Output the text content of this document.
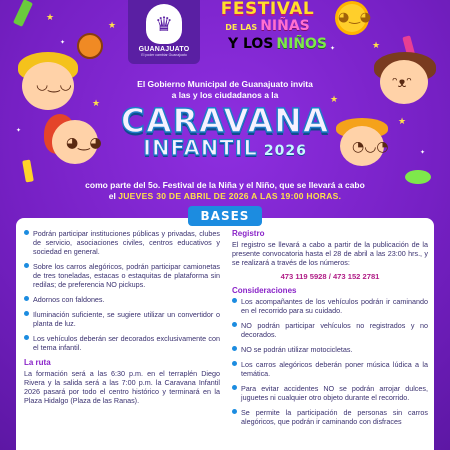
★
★
✦	★
✦
★
✦
★
✦
★
◕‿◕
◡‿◡	ᵔᴥᵔ
◕‿◕	◔◡◔
♛
GUANAJUATO
El poder cambiar Guanajuato
FESTIVAL
DE LAS NIÑAS
Y LOS NIÑOS
El Gobierno Municipal de Guanajuato invita
a las y los ciudadanos a la
CARAVANA
INFANTIL 2026
como parte del 5o. Festival de la Niña y el Niño, que se llevará a cabo
el JUEVES 30 DE ABRIL DE 2026 A LAS 19:00 HORAS.
BASES
Podrán participar instituciones públicas y privadas, clubes de servicio, asociaciones civiles, centros educativos y sociedad en general.
Sobre los carros alegóricos, podrán participar camionetas de tres toneladas, estacas o estaquitas de plataforma sin redilas; de preferencia NO pickups.
Adornos con faldones.
Iluminación suficiente, se sugiere utilizar un convertidor o planta de luz.
Los vehículos deberán ser decorados exclusivamente con el tema infantil.
La ruta
La formación será a las 6:30 p.m. en el terraplén Diego Rivera y la salida será a las 7:00 p.m. la Caravana Infantil 2026 pasará por todo el centro histórico y terminará en la Plaza Hidalgo (Plaza de las Ranas).
Registro
El registro se llevará a cabo a partir de la publicación de la presente convocatoria hasta el 28 de abril a las 23:00 hrs., y se realizará a través de los números:
473 119 5928 / 473 152 2781
Consideraciones
Los acompañantes de los vehículos podrán ir caminando en el recorrido para su cuidado.
NO podrán participar vehículos no registrados y no decorados.
NO se podrán utilizar motocicletas.
Los carros alegóricos deberán poner música lúdica a la temática.
Para evitar accidentes NO se podrán arrojar dulces, juguetes ni cualquier otro objeto durante el recorrido.
Se permite la participación de personas sin carros alegóricos, que podrán ir caminando con disfraces
